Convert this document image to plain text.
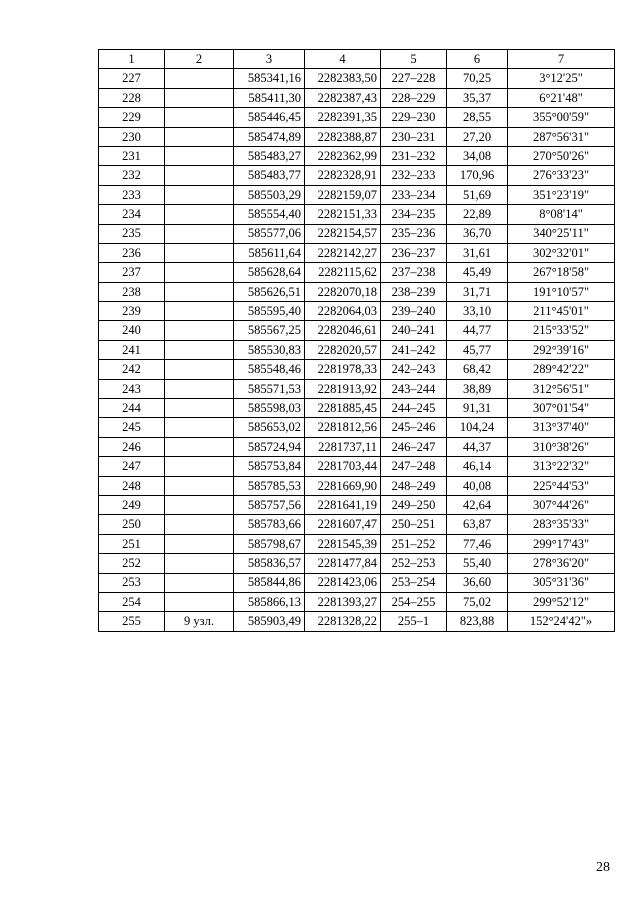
1	2	3	4	5	6	7
227		585341,16	2282383,50	227–228	70,25	3°12'25"
228		585411,30	2282387,43	228–229	35,37	6°21'48"
229		585446,45	2282391,35	229–230	28,55	355°00'59"
230		585474,89	2282388,87	230–231	27,20	287°56'31"
231		585483,27	2282362,99	231–232	34,08	270°50'26"
232		585483,77	2282328,91	232–233	170,96	276°33'23"
233		585503,29	2282159,07	233–234	51,69	351°23'19"
234		585554,40	2282151,33	234–235	22,89	8°08'14"
235		585577,06	2282154,57	235–236	36,70	340°25'11"
236		585611,64	2282142,27	236–237	31,61	302°32'01"
237		585628,64	2282115,62	237–238	45,49	267°18'58"
238		585626,51	2282070,18	238–239	31,71	191°10'57"
239		585595,40	2282064,03	239–240	33,10	211°45'01"
240		585567,25	2282046,61	240–241	44,77	215°33'52"
241		585530,83	2282020,57	241–242	45,77	292°39'16"
242		585548,46	2281978,33	242–243	68,42	289°42'22"
243		585571,53	2281913,92	243–244	38,89	312°56'51"
244		585598,03	2281885,45	244–245	91,31	307°01'54"
245		585653,02	2281812,56	245–246	104,24	313°37'40"
246		585724,94	2281737,11	246–247	44,37	310°38'26"
247		585753,84	2281703,44	247–248	46,14	313°22'32"
248		585785,53	2281669,90	248–249	40,08	225°44'53"
249		585757,56	2281641,19	249–250	42,64	307°44'26"
250		585783,66	2281607,47	250–251	63,87	283°35'33"
251		585798,67	2281545,39	251–252	77,46	299°17'43"
252		585836,57	2281477,84	252–253	55,40	278°36'20"
253		585844,86	2281423,06	253–254	36,60	305°31'36"
254		585866,13	2281393,27	254–255	75,02	299°52'12"
255	9 узл.	585903,49	2281328,22	255–1	823,88	152°24'42"»
28
